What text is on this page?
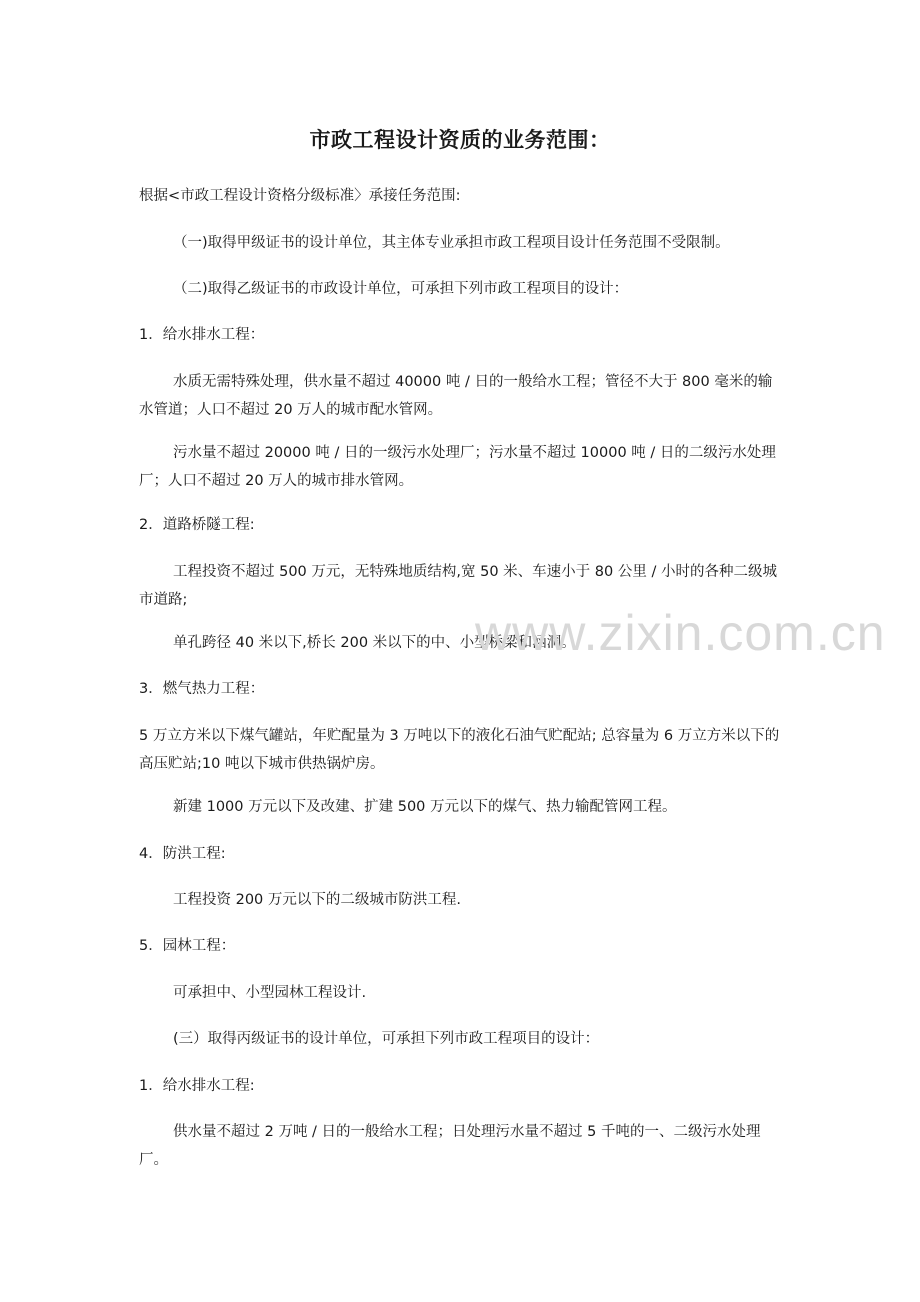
市政工程设计资质的业务范围：

根据<市政工程设计资格分级标准〉承接任务范围:

（一)取得甲级证书的设计单位，其主体专业承担市政工程项目设计任务范围不受限制。

（二)取得乙级证书的市政设计单位，可承担下列市政工程项目的设计：

1．给水排水工程：

水质无需特殊处理，供水量不超过 40000 吨 / 日的一般给水工程；管径不大于 800 毫米的输水管道；人口不超过 20 万人的城市配水管网。

污水量不超过 20000 吨 / 日的一级污水处理厂；污水量不超过 10000 吨 / 日的二级污水处理厂；人口不超过 20 万人的城市排水管网。

2．道路桥隧工程:

工程投资不超过 500 万元，无特殊地质结构,宽 50 米、车速小于 80 公里 / 小时的各种二级城市道路;

单孔跨径 40 米以下,桥长 200 米以下的中、小型桥梁和涵洞。

3．燃气热力工程：

5 万立方米以下煤气罐站，年贮配量为 3 万吨以下的液化石油气贮配站; 总容量为 6 万立方米以下的高压贮站;10 吨以下城市供热锅炉房。

新建 1000 万元以下及改建、扩建 500 万元以下的煤气、热力输配管网工程。

4．防洪工程:

工程投资 200 万元以下的二级城市防洪工程.

5．园林工程：

可承担中、小型园林工程设计.

(三）取得丙级证书的设计单位，可承担下列市政工程项目的设计：

1．给水排水工程:

供水量不超过 2 万吨 / 日的一般给水工程；日处理污水量不超过 5 千吨的一、二级污水处理厂。

www.zixin.com.cn
